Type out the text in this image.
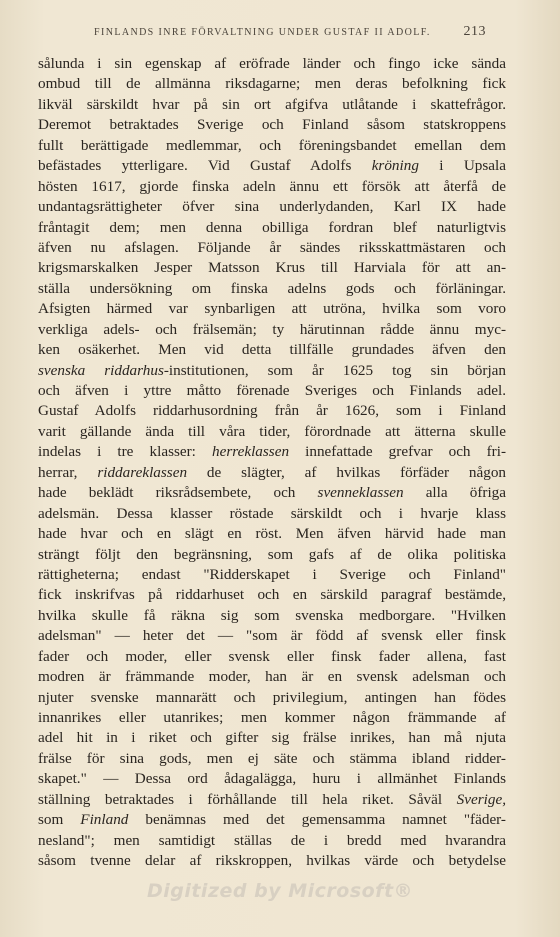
FINLANDS INRE FÖRVALTNING UNDER GUSTAF II ADOLF. 213
sålunda i sin egenskap af eröfrade länder och fingo icke sända
ombud till de allmänna riksdagarne; men deras befolkning fick
likväl särskildt hvar på sin ort afgifva utlåtande i skattefrågor.
Deremot betraktades Sverige och Finland såsom statskroppens
fullt berättigade medlemmar, och föreningsbandet emellan dem
befästades ytterligare. Vid Gustaf Adolfs kröning i Upsala
hösten 1617, gjorde finska adeln ännu ett försök att återfå de
undantagsrättigheter öfver sina underlydanden, Karl IX hade
fråntagit dem; men denna obilliga fordran blef naturligtvis
äfven nu afslagen. Följande år sändes riksskattmästaren och
krigsmarskalken Jesper Matsson Krus till Harviala för att an-
ställa undersökning om finska adelns gods och förläningar.
Afsigten härmed var synbarligen att utröna, hvilka som voro
verkliga adels- och frälsemän; ty härutinnan rådde ännu myc-
ken osäkerhet. Men vid detta tillfälle grundades äfven den
svenska riddarhus-institutionen, som år 1625 tog sin början
och äfven i yttre måtto förenade Sveriges och Finlands adel.
Gustaf Adolfs riddarhusordning från år 1626, som i Finland
varit gällande ända till våra tider, förordnade att ätterna skulle
indelas i tre klasser: herreklassen innefattade grefvar och fri-
herrar, riddareklassen de slägter, af hvilkas förfäder någon
hade beklädt riksrådsembete, och svenneklassen alla öfriga
adelsmän. Dessa klasser röstade särskildt och i hvarje klass
hade hvar och en slägt en röst. Men äfven härvid hade man
strängt följt den begränsning, som gafs af de olika politiska
rättigheterna; endast "Ridderskapet i Sverige och Finland"
fick inskrifvas på riddarhuset och en särskild paragraf bestämde,
hvilka skulle få räkna sig som svenska medborgare. "Hvilken
adelsman" — heter det — "som är född af svensk eller finsk
fader och moder, eller svensk eller finsk fader allena, fast
modren är främmande moder, han är en svensk adelsman och
njuter svenske mannarätt och privilegium, antingen han födes
innanrikes eller utanrikes; men kommer någon främmande af
adel hit in i riket och gifter sig frälse inrikes, han må njuta
frälse för sina gods, men ej säte och stämma ibland ridder-
skapet." — Dessa ord ådagalägga, huru i allmänhet Finlands
ställning betraktades i förhållande till hela riket. Såväl Sverige,
som Finland benämnas med det gemensamma namnet "fäder-
nesland"; men samtidigt ställas de i bredd med hvarandra
såsom tvenne delar af rikskroppen, hvilkas värde och betydelse
Digitized by Microsoft®
